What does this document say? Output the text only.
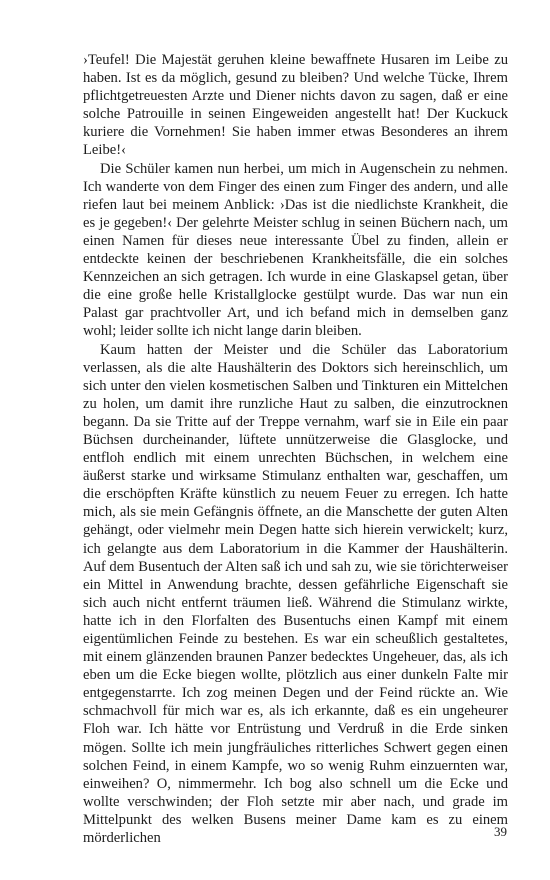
›Teufel! Die Majestät geruhen kleine bewaffnete Husaren im Leibe zu haben. Ist es da möglich, gesund zu bleiben? Und welche Tücke, Ihrem pflichtgetreuesten Arzte und Diener nichts davon zu sagen, daß er eine solche Patrouille in seinen Eingeweiden angestellt hat! Der Kuckuck kuriere die Vornehmen! Sie haben immer etwas Besonderes an ihrem Leibe!‹

Die Schüler kamen nun herbei, um mich in Augenschein zu nehmen. Ich wanderte von dem Finger des einen zum Finger des andern, und alle riefen laut bei meinem Anblick: ›Das ist die niedlichste Krankheit, die es je gegeben!‹ Der gelehrte Meister schlug in seinen Büchern nach, um einen Namen für dieses neue interessante Übel zu finden, allein er entdeckte keinen der beschriebenen Krankheitsfälle, die ein solches Kennzeichen an sich getragen. Ich wurde in eine Glaskapsel getan, über die eine große helle Kristallglocke gestülpt wurde. Das war nun ein Palast gar prachtvoller Art, und ich befand mich in demselben ganz wohl; leider sollte ich nicht lange darin bleiben.

Kaum hatten der Meister und die Schüler das Laboratorium verlassen, als die alte Haushälterin des Doktors sich hereinschlich, um sich unter den vielen kosmetischen Salben und Tinkturen ein Mittelchen zu holen, um damit ihre runzliche Haut zu salben, die einzutrocknen begann. Da sie Tritte auf der Treppe vernahm, warf sie in Eile ein paar Büchsen durcheinander, lüftete unnützerweise die Glasglocke, und entfloh endlich mit einem unrechten Büchschen, in welchem eine äußerst starke und wirksame Stimulanz enthalten war, geschaffen, um die erschöpften Kräfte künstlich zu neuem Feuer zu erregen. Ich hatte mich, als sie mein Gefängnis öffnete, an die Manschette der guten Alten gehängt, oder vielmehr mein Degen hatte sich hierein verwickelt; kurz, ich gelangte aus dem Laboratorium in die Kammer der Haushälterin. Auf dem Busentuch der Alten saß ich und sah zu, wie sie törichterweiser ein Mittel in Anwendung brachte, dessen gefährliche Eigenschaft sie sich auch nicht entfernt träumen ließ. Während die Stimulanz wirkte, hatte ich in den Florfalten des Busentuchs einen Kampf mit einem eigentümlichen Feinde zu bestehen. Es war ein scheußlich gestaltetes, mit einem glänzenden braunen Panzer bedecktes Ungeheuer, das, als ich eben um die Ecke biegen wollte, plötzlich aus einer dunkeln Falte mir entgegenstarrte. Ich zog meinen Degen und der Feind rückte an. Wie schmachvoll für mich war es, als ich erkannte, daß es ein ungeheurer Floh war. Ich hätte vor Entrüstung und Verdruß in die Erde sinken mögen. Sollte ich mein jungfräuliches ritterliches Schwert gegen einen solchen Feind, in einem Kampfe, wo so wenig Ruhm einzuernten war, einweihen? O, nimmermehr. Ich bog also schnell um die Ecke und wollte verschwinden; der Floh setzte mir aber nach, und grade im Mittelpunkt des welken Busens meiner Dame kam es zu einem mörderlichen	39
